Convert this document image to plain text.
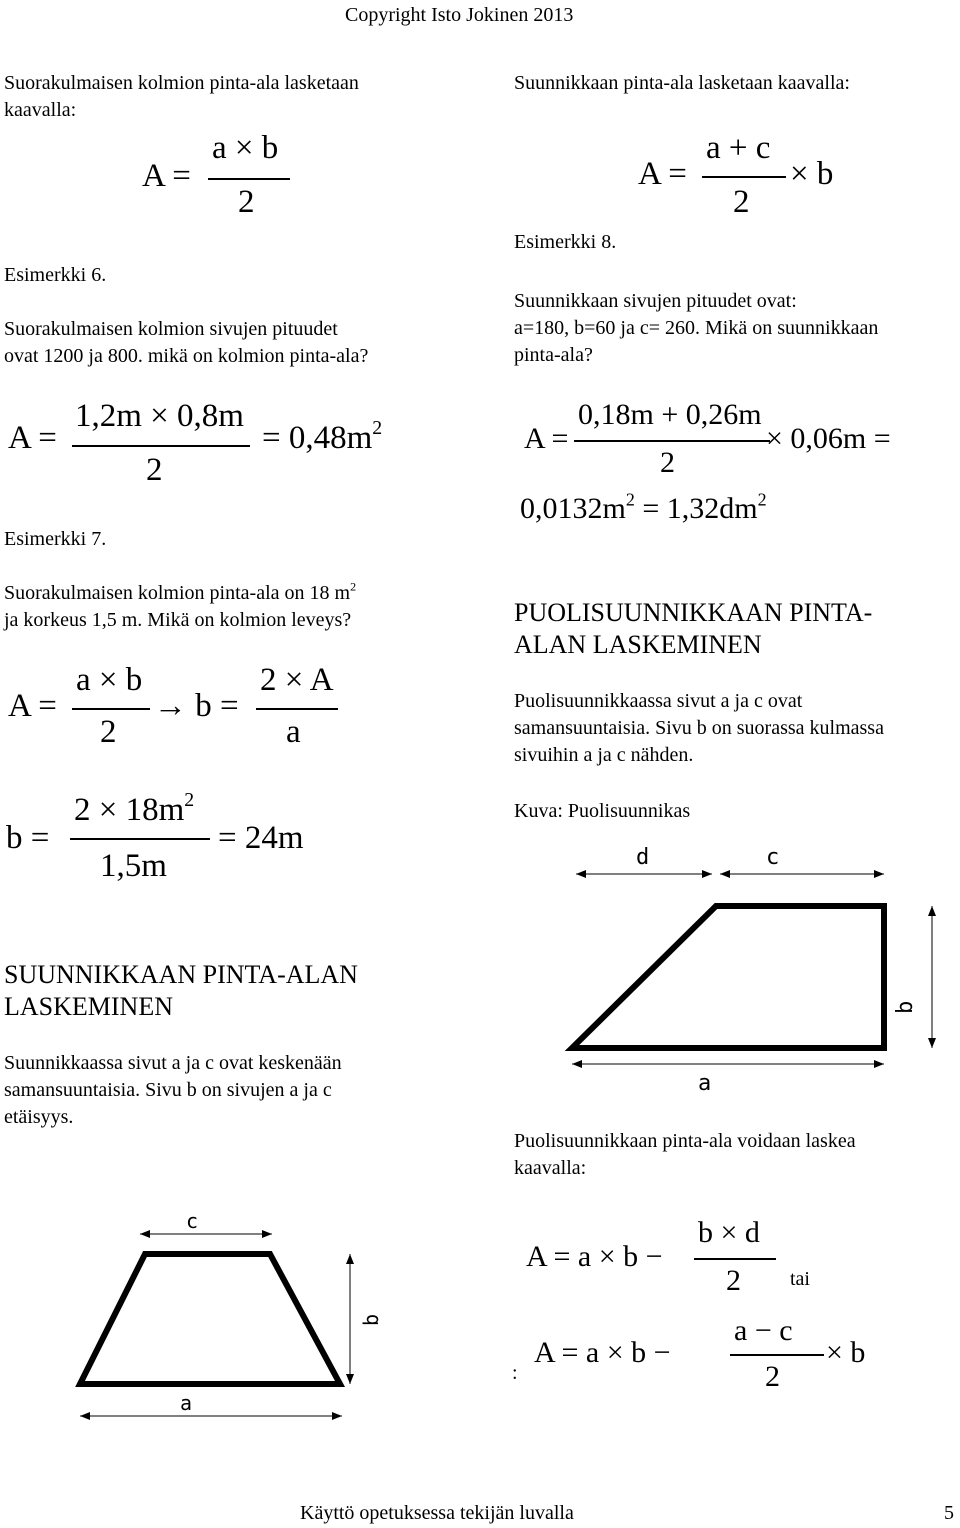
Copyright Isto Jokinen 2013
Käyttö opetuksessa tekijän luvalla	5
Suorakulmaisen kolmion pinta-ala lasketaan
kaavalla:
A =
a × b
2
Esimerkki 6.
Suorakulmaisen kolmion sivujen pituudet
ovat 1200 ja 800. mikä on kolmion pinta-ala?
A =
1,2m × 0,8m
2
= $0,48m^2$
Esimerkki 7.
Suorakulmaisen kolmion pinta-ala on 18 $m^2$
ja korkeus 1,5 m. Mikä on kolmion leveys?
A =
a × b
2
→ b =
2 × A
a
b =
$2 \times 18m^2$
1,5m
= 24m
SUUNNIKKAAN PINTA-ALAN
LASKEMINEN
Suunnikkaassa sivut a ja c ovat keskenään
samansuuntaisia. Sivu b on sivujen a ja c
etäisyys.
c
b
a
Suunnikkaan pinta-ala lasketaan kaavalla:
A =
a + c
2
× b
Esimerkki 8.
Suunnikkaan sivujen pituudet ovat:
a=180, b=60 ja c= 260. Mikä on suunnikkaan
pinta-ala?
A =
0,18m + 0,26m
2
× 0,06m =
$0,0132m^2 = 1,32dm^2$
PUOLISUUNNIKKAAN PINTA-
ALAN LASKEMINEN
Puolisuunnikkaassa sivut a ja c ovat
samansuuntaisia. Sivu b on suorassa kulmassa
sivuihin a ja c nähden.
Kuva: Puolisuunnikas
d	c
b
a
Puolisuunnikkaan pinta-ala voidaan laskea
kaavalla:
A = a × b −
b × d
2 tai
:
A = a × b −
a − c
2
× b
